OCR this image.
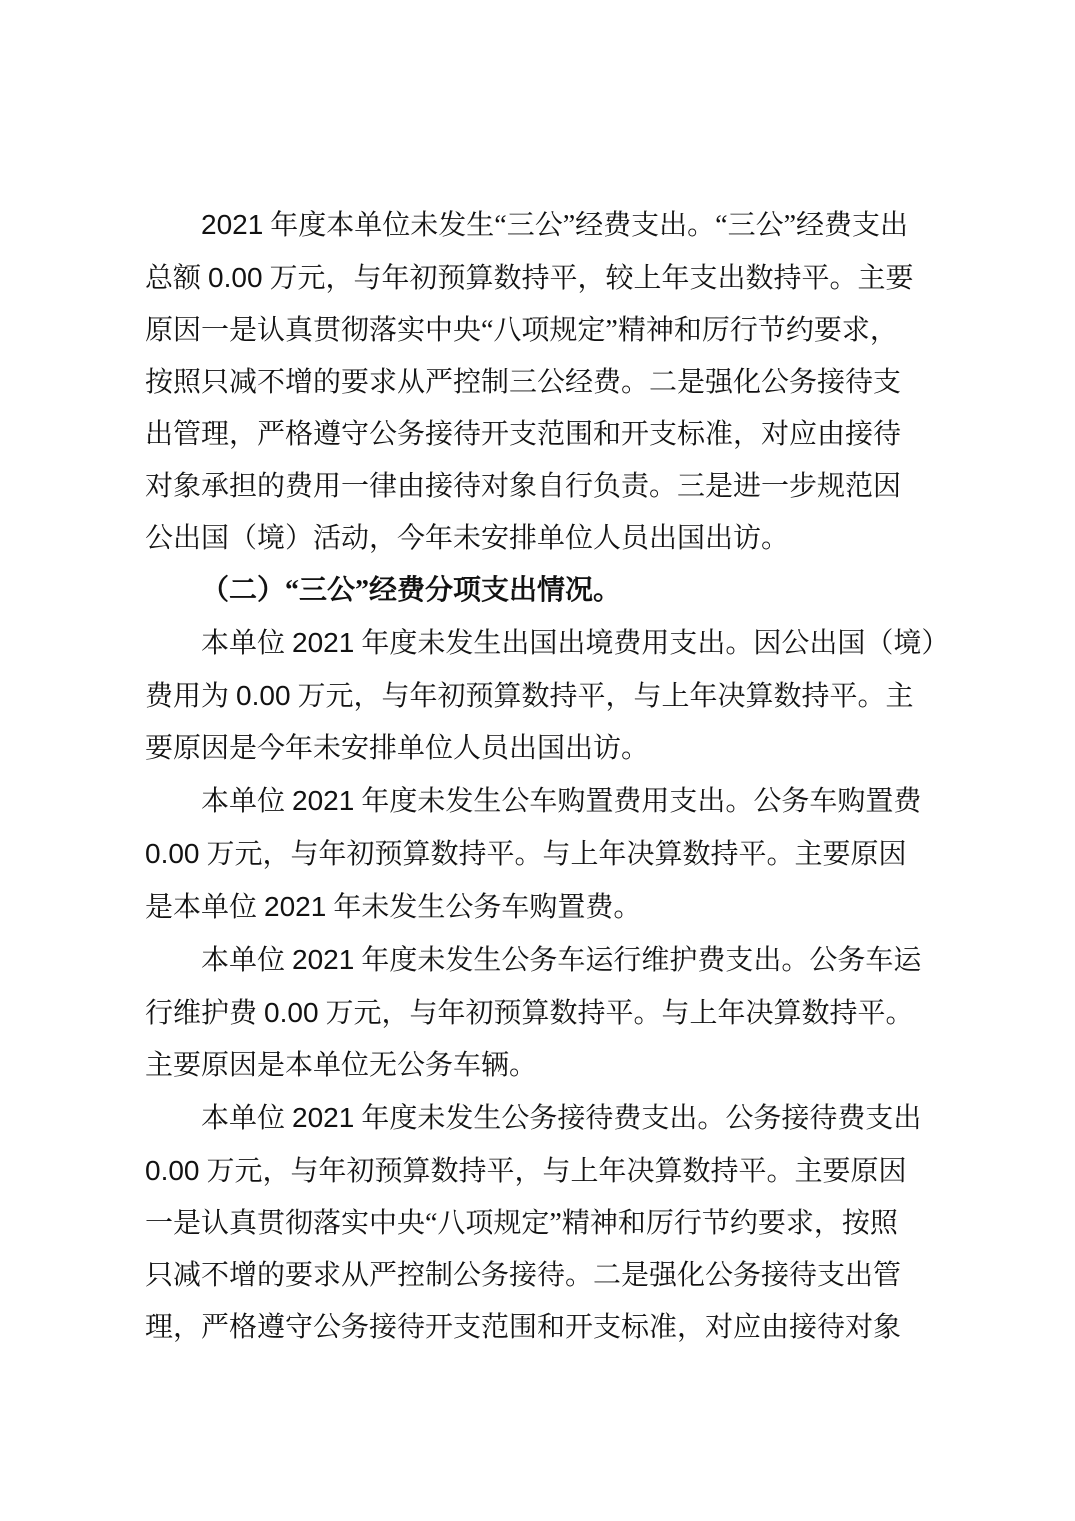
2021 年度本单位未发生“三公”经费支出。“三公”经费支出
总额 0.00 万元，与年初预算数持平，较上年支出数持平。主要
原因一是认真贯彻落实中央“八项规定”精神和厉行节约要求，
按照只减不增的要求从严控制三公经费。二是强化公务接待支
出管理，严格遵守公务接待开支范围和开支标准，对应由接待
对象承担的费用一律由接待对象自行负责。三是进一步规范因
公出国（境）活动，今年未安排单位人员出国出访。
（二）“三公”经费分项支出情况。
本单位 2021 年度未发生出国出境费用支出。因公出国（境）
费用为 0.00 万元，与年初预算数持平，与上年决算数持平。主
要原因是今年未安排单位人员出国出访。
本单位 2021 年度未发生公车购置费用支出。公务车购置费
0.00 万元，与年初预算数持平。与上年决算数持平。主要原因
是本单位 2021 年未发生公务车购置费。
本单位 2021 年度未发生公务车运行维护费支出。公务车运
行维护费 0.00 万元，与年初预算数持平。与上年决算数持平。
主要原因是本单位无公务车辆。
本单位 2021 年度未发生公务接待费支出。公务接待费支出
0.00 万元，与年初预算数持平，与上年决算数持平。主要原因
一是认真贯彻落实中央“八项规定”精神和厉行节约要求，按照
只减不增的要求从严控制公务接待。二是强化公务接待支出管
理，严格遵守公务接待开支范围和开支标准，对应由接待对象
